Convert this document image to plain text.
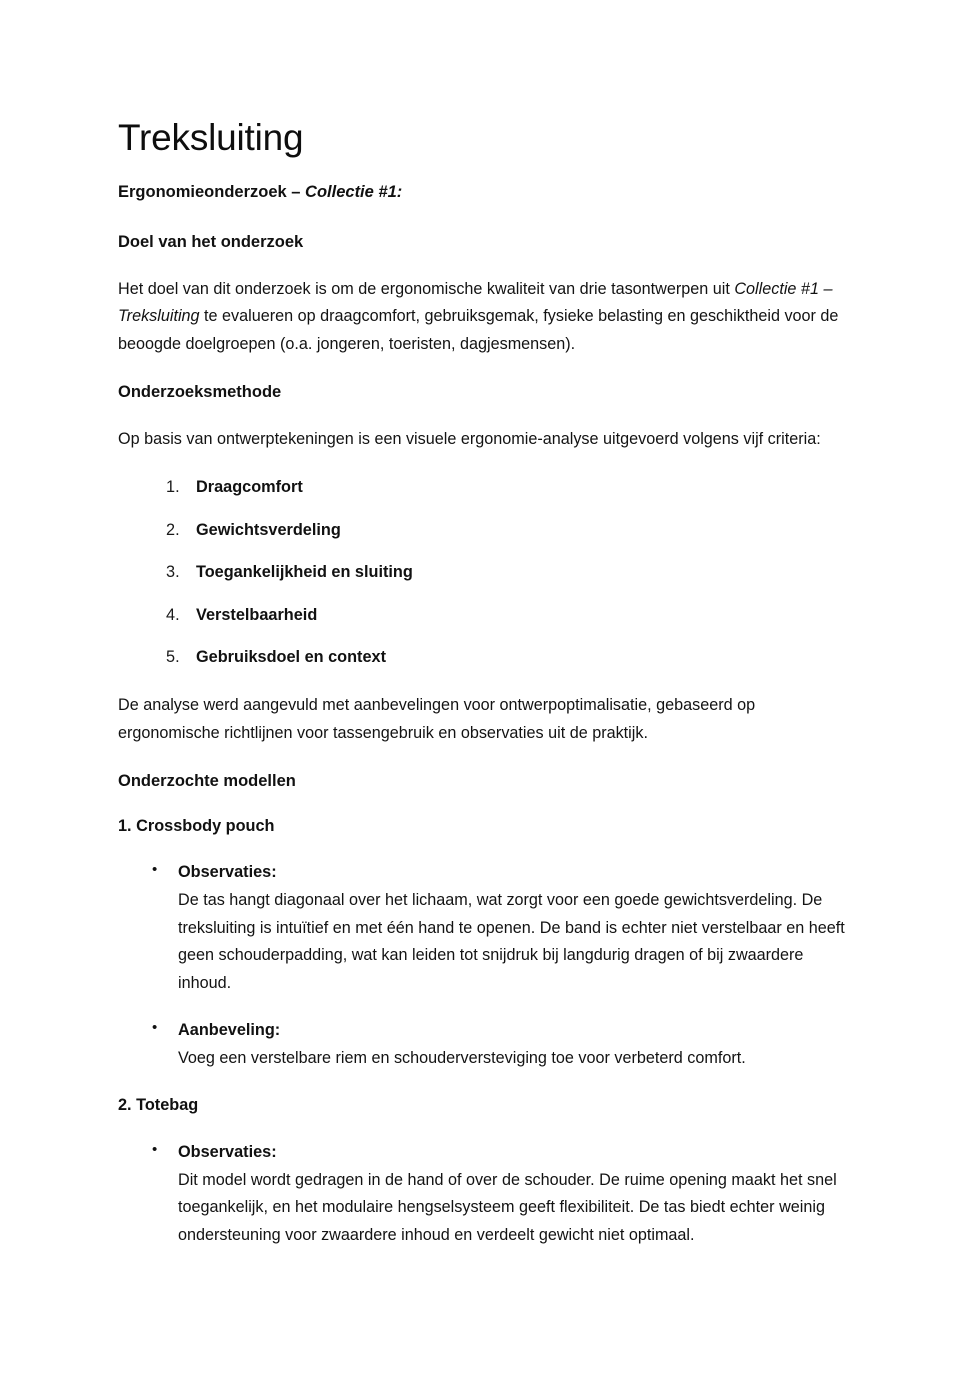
Treksluiting

Ergonomieonderzoek – Collectie #1:

Doel van het onderzoek

Het doel van dit onderzoek is om de ergonomische kwaliteit van drie tasontwerpen uit Collectie #1 – Treksluiting te evalueren op draagcomfort, gebruiksgemak, fysieke belasting en geschiktheid voor de beoogde doelgroepen (o.a. jongeren, toeristen, dagjesmensen).

Onderzoeksmethode

Op basis van ontwerptekeningen is een visuele ergonomie-analyse uitgevoerd volgens vijf criteria:

Draagcomfort
Gewichtsverdeling
Toegankelijkheid en sluiting
Verstelbaarheid
Gebruiksdoel en context

De analyse werd aangevuld met aanbevelingen voor ontwerpoptimalisatie, gebaseerd op ergonomische richtlijnen voor tassengebruik en observaties uit de praktijk.

Onderzochte modellen
1. Crossbody pouch
• Observaties:
De tas hangt diagonaal over het lichaam, wat zorgt voor een goede gewichtsverdeling. De treksluiting is intuïtief en met één hand te openen. De band is echter niet verstelbaar en heeft geen schouderpadding, wat kan leiden tot snijdruk bij langdurig dragen of bij zwaardere inhoud.
• Aanbeveling:
Voeg een verstelbare riem en schouderversteviging toe voor verbeterd comfort.
2. Totebag
• Observaties:
Dit model wordt gedragen in de hand of over de schouder. De ruime opening maakt het snel toegankelijk, en het modulaire hengselsysteem geeft flexibiliteit. De tas biedt echter weinig ondersteuning voor zwaardere inhoud en verdeelt gewicht niet optimaal.
